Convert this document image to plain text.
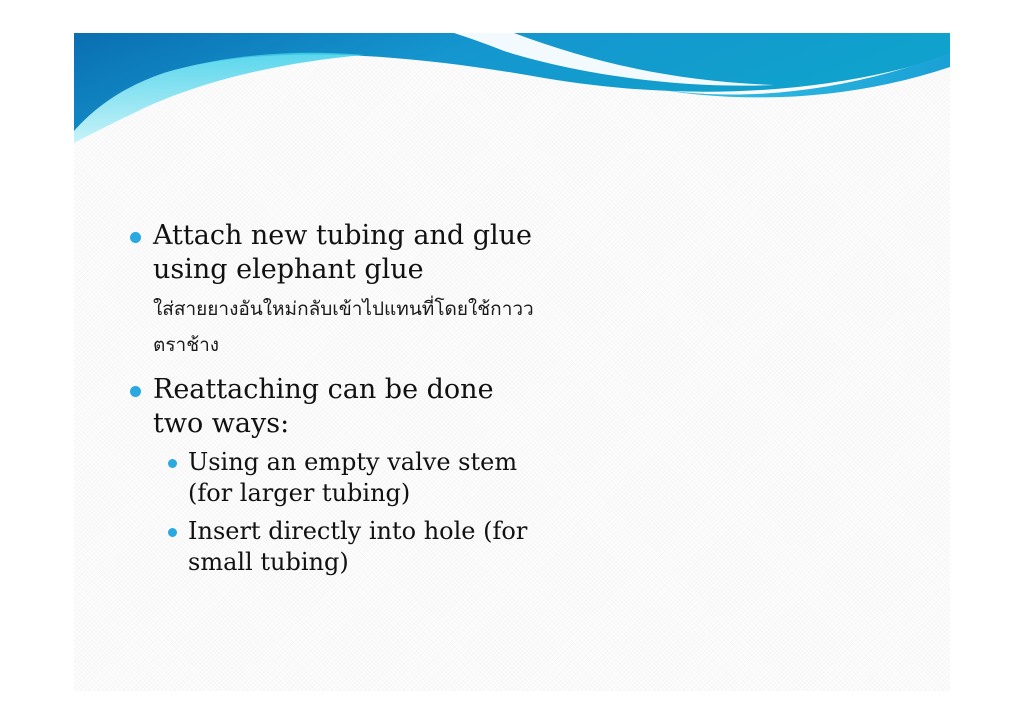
Attach new tubing and glue using elephant glue
ใส่สายยางอันใหม่กลับเข้าไปแทนที่โดยใช้กาววตราช้าง
Reattaching can be done two ways:
Using an empty valve stem (for larger tubing)
Insert directly into hole (for small tubing)
